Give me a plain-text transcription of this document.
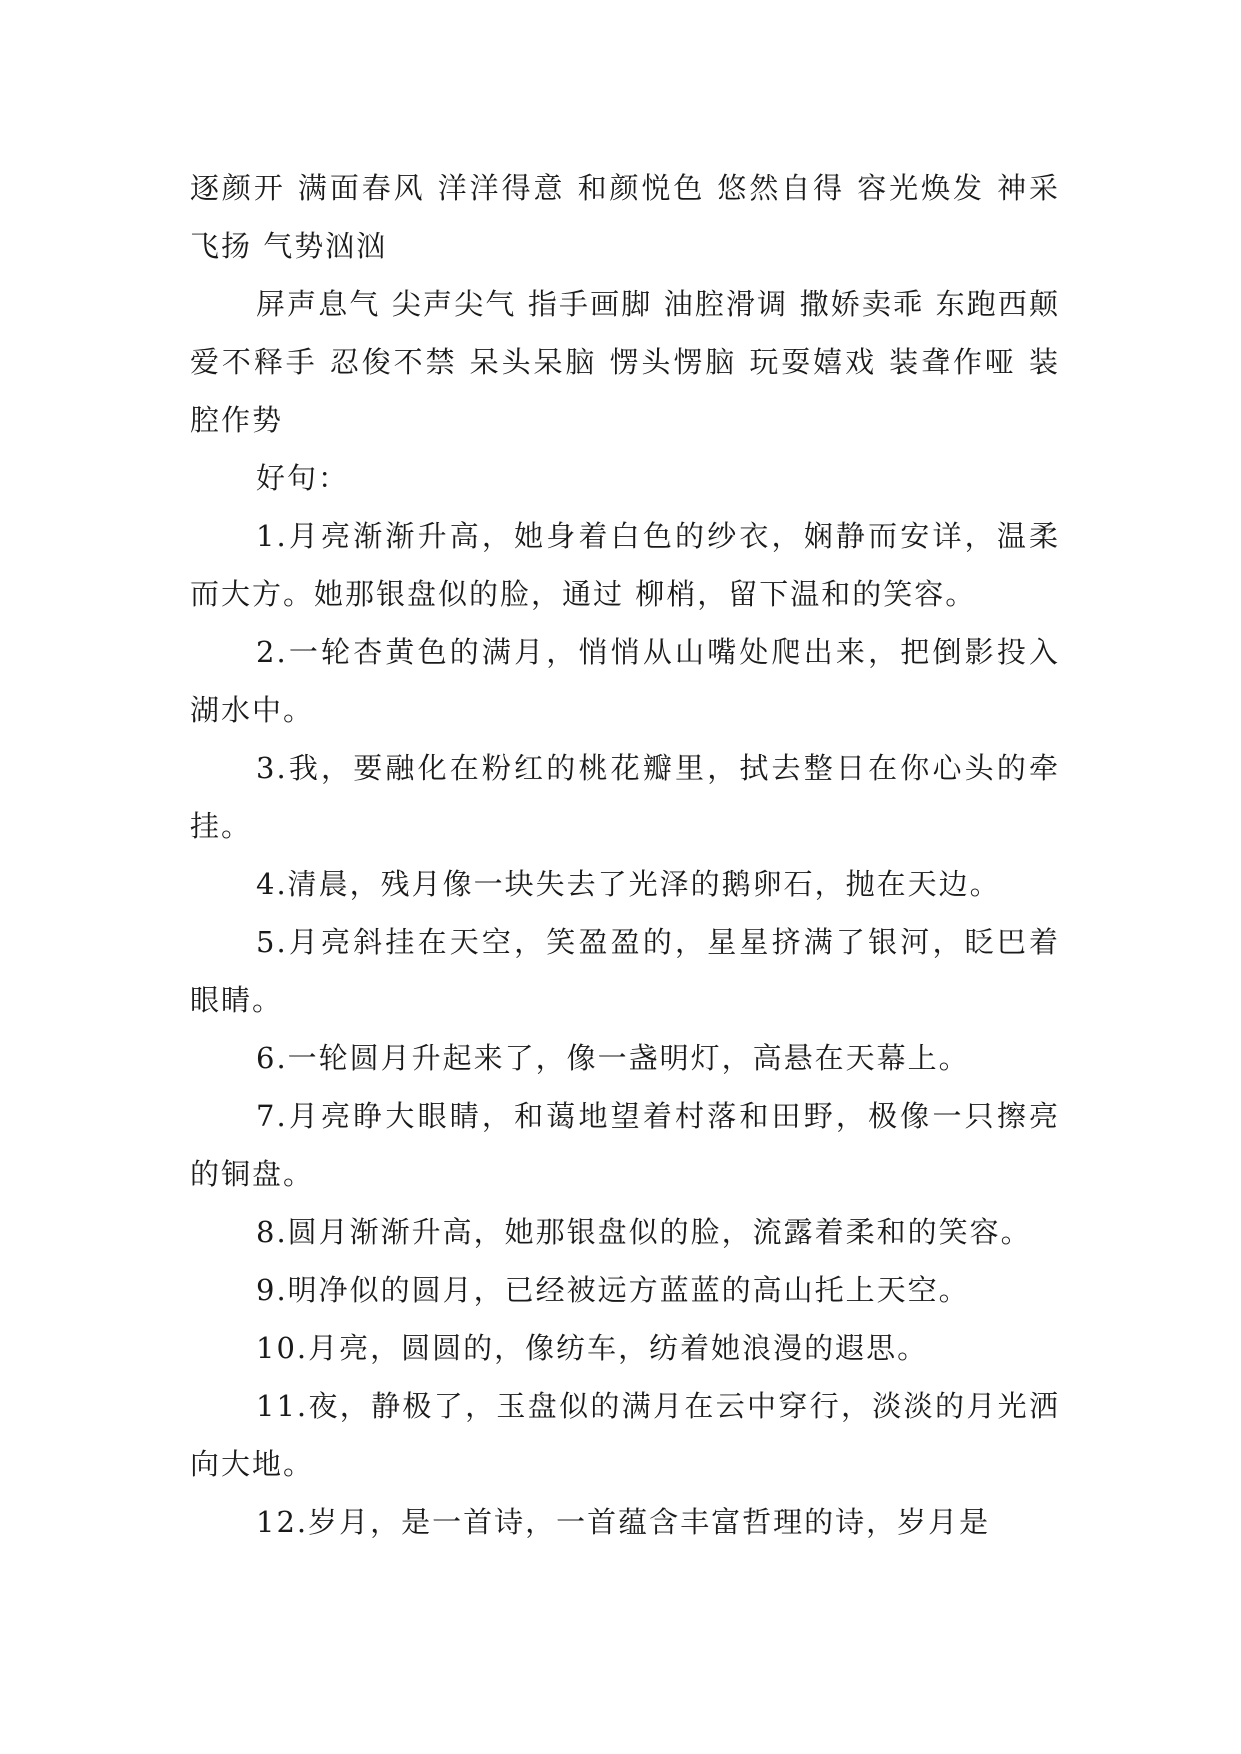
逐颜开 满面春风 洋洋得意 和颜悦色 悠然自得 容光焕发 神采飞扬 气势汹汹

屏声息气 尖声尖气 指手画脚 油腔滑调 撒娇卖乖 东跑西颠 爱不释手 忍俊不禁 呆头呆脑 愣头愣脑 玩耍嬉戏 装聋作哑 装腔作势

好句：

1.月亮渐渐升高，她身着白色的纱衣，娴静而安详，温柔而大方。她那银盘似的脸，通过 柳梢，留下温和的笑容。

2.一轮杏黄色的满月，悄悄从山嘴处爬出来，把倒影投入湖水中。

3.我，要融化在粉红的桃花瓣里，拭去整日在你心头的牵挂。

4.清晨，残月像一块失去了光泽的鹅卵石，抛在天边。

5.月亮斜挂在天空，笑盈盈的，星星挤满了银河，眨巴着眼睛。

6.一轮圆月升起来了，像一盏明灯，高悬在天幕上。

7.月亮睁大眼睛，和蔼地望着村落和田野，极像一只擦亮的铜盘。

8.圆月渐渐升高，她那银盘似的脸，流露着柔和的笑容。

9.明净似的圆月，已经被远方蓝蓝的高山托上天空。

10.月亮，圆圆的，像纺车，纺着她浪漫的遐思。

11.夜，静极了，玉盘似的满月在云中穿行，淡淡的月光洒向大地。

12.岁月，是一首诗，一首蕴含丰富哲理的诗，岁月是
